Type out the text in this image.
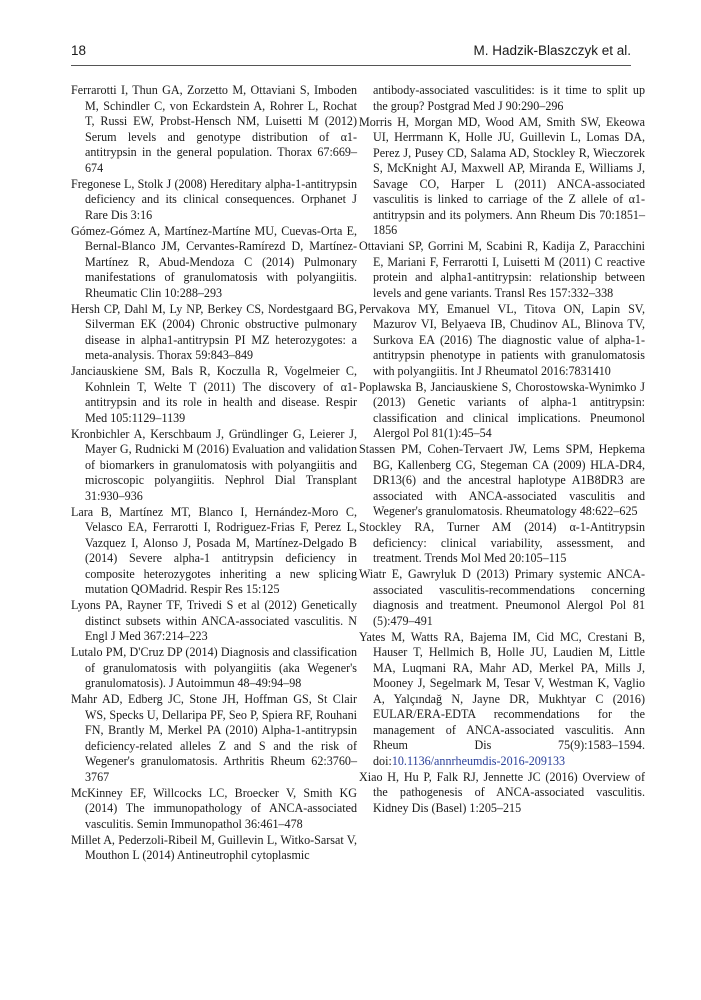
18	M. Hadzik-Blaszczyk et al.

Ferrarotti I, Thun GA, Zorzetto M, Ottaviani S, Imboden M, Schindler C, von Eckardstein A, Rohrer L, Rochat T, Russi EW, Probst-Hensch NM, Luisetti M (2012) Serum levels and genotype distribution of α1-antitrypsin in the general population. Thorax 67:669–674

Fregonese L, Stolk J (2008) Hereditary alpha-1-antitrypsin deficiency and its clinical consequences. Orphanet J Rare Dis 3:16

Gómez-Gómez A, Martínez-Martíne MU, Cuevas-Orta E, Bernal-Blanco JM, Cervantes-Ramírezd D, Martínez-Martínez R, Abud-Mendoza C (2014) Pulmonary manifestations of granulomatosis with polyangiitis. Rheumatic Clin 10:288–293

Hersh CP, Dahl M, Ly NP, Berkey CS, Nordestgaard BG, Silverman EK (2004) Chronic obstructive pulmonary disease in alpha1-antitrypsin PI MZ heterozygotes: a meta-analysis. Thorax 59:843–849

Janciauskiene SM, Bals R, Koczulla R, Vogelmeier C, Kohnlein T, Welte T (2011) The discovery of α1-antitrypsin and its role in health and disease. Respir Med 105:1129–1139

Kronbichler A, Kerschbaum J, Gründlinger G, Leierer J, Mayer G, Rudnicki M (2016) Evaluation and validation of biomarkers in granulomatosis with polyangiitis and microscopic polyangiitis. Nephrol Dial Transplant 31:930–936

Lara B, Martínez MT, Blanco I, Hernández-Moro C, Velasco EA, Ferrarotti I, Rodriguez-Frias F, Perez L, Vazquez I, Alonso J, Posada M, Martínez-Delgado B (2014) Severe alpha-1 antitrypsin deficiency in composite heterozygotes inheriting a new splicing mutation QOMadrid. Respir Res 15:125

Lyons PA, Rayner TF, Trivedi S et al (2012) Genetically distinct subsets within ANCA-associated vasculitis. N Engl J Med 367:214–223

Lutalo PM, D'Cruz DP (2014) Diagnosis and classification of granulomatosis with polyangiitis (aka Wegener's granulomatosis). J Autoimmun 48–49:94–98

Mahr AD, Edberg JC, Stone JH, Hoffman GS, St Clair WS, Specks U, Dellaripa PF, Seo P, Spiera RF, Rouhani FN, Brantly M, Merkel PA (2010) Alpha-1-antitrypsin deficiency-related alleles Z and S and the risk of Wegener's granulomatosis. Arthritis Rheum 62:3760–3767

McKinney EF, Willcocks LC, Broecker V, Smith KG (2014) The immunopathology of ANCA-associated vasculitis. Semin Immunopathol 36:461–478

Millet A, Pederzoli-Ribeil M, Guillevin L, Witko-Sarsat V, Mouthon L (2014) Antineutrophil cytoplasmic

antibody-associated vasculitides: is it time to split up the group? Postgrad Med J 90:290–296

Morris H, Morgan MD, Wood AM, Smith SW, Ekeowa UI, Herrmann K, Holle JU, Guillevin L, Lomas DA, Perez J, Pusey CD, Salama AD, Stockley R, Wieczorek S, McKnight AJ, Maxwell AP, Miranda E, Williams J, Savage CO, Harper L (2011) ANCA-associated vasculitis is linked to carriage of the Z allele of α1-antitrypsin and its polymers. Ann Rheum Dis 70:1851–1856

Ottaviani SP, Gorrini M, Scabini R, Kadija Z, Paracchini E, Mariani F, Ferrarotti I, Luisetti M (2011) C reactive protein and alpha1-antitrypsin: relationship between levels and gene variants. Transl Res 157:332–338

Pervakova MY, Emanuel VL, Titova ON, Lapin SV, Mazurov VI, Belyaeva IB, Chudinov AL, Blinova TV, Surkova EA (2016) The diagnostic value of alpha-1-antitrypsin phenotype in patients with granulomatosis with polyangiitis. Int J Rheumatol 2016:7831410

Poplawska B, Janciauskiene S, Chorostowska-Wynimko J (2013) Genetic variants of alpha-1 antitrypsin: classification and clinical implications. Pneumonol Alergol Pol 81(1):45–54

Stassen PM, Cohen-Tervaert JW, Lems SPM, Hepkema BG, Kallenberg CG, Stegeman CA (2009) HLA-DR4, DR13(6) and the ancestral haplotype A1B8DR3 are associated with ANCA-associated vasculitis and Wegener's granulomatosis. Rheumatology 48:622–625

Stockley RA, Turner AM (2014) α-1-Antitrypsin deficiency: clinical variability, assessment, and treatment. Trends Mol Med 20:105–115

Wiatr E, Gawryluk D (2013) Primary systemic ANCA-associated vasculitis-recommendations concerning diagnosis and treatment. Pneumonol Alergol Pol 81 (5):479–491

Yates M, Watts RA, Bajema IM, Cid MC, Crestani B, Hauser T, Hellmich B, Holle JU, Laudien M, Little MA, Luqmani RA, Mahr AD, Merkel PA, Mills J, Mooney J, Segelmark M, Tesar V, Westman K, Vaglio A, Yalçındağ N, Jayne DR, Mukhtyar C (2016) EULAR/ERA-EDTA recommendations for the management of ANCA-associated vasculitis. Ann Rheum Dis 75(9):1583–1594. doi:10.1136/annrheumdis-2016-209133

Xiao H, Hu P, Falk RJ, Jennette JC (2016) Overview of the pathogenesis of ANCA-associated vasculitis. Kidney Dis (Basel) 1:205–215
